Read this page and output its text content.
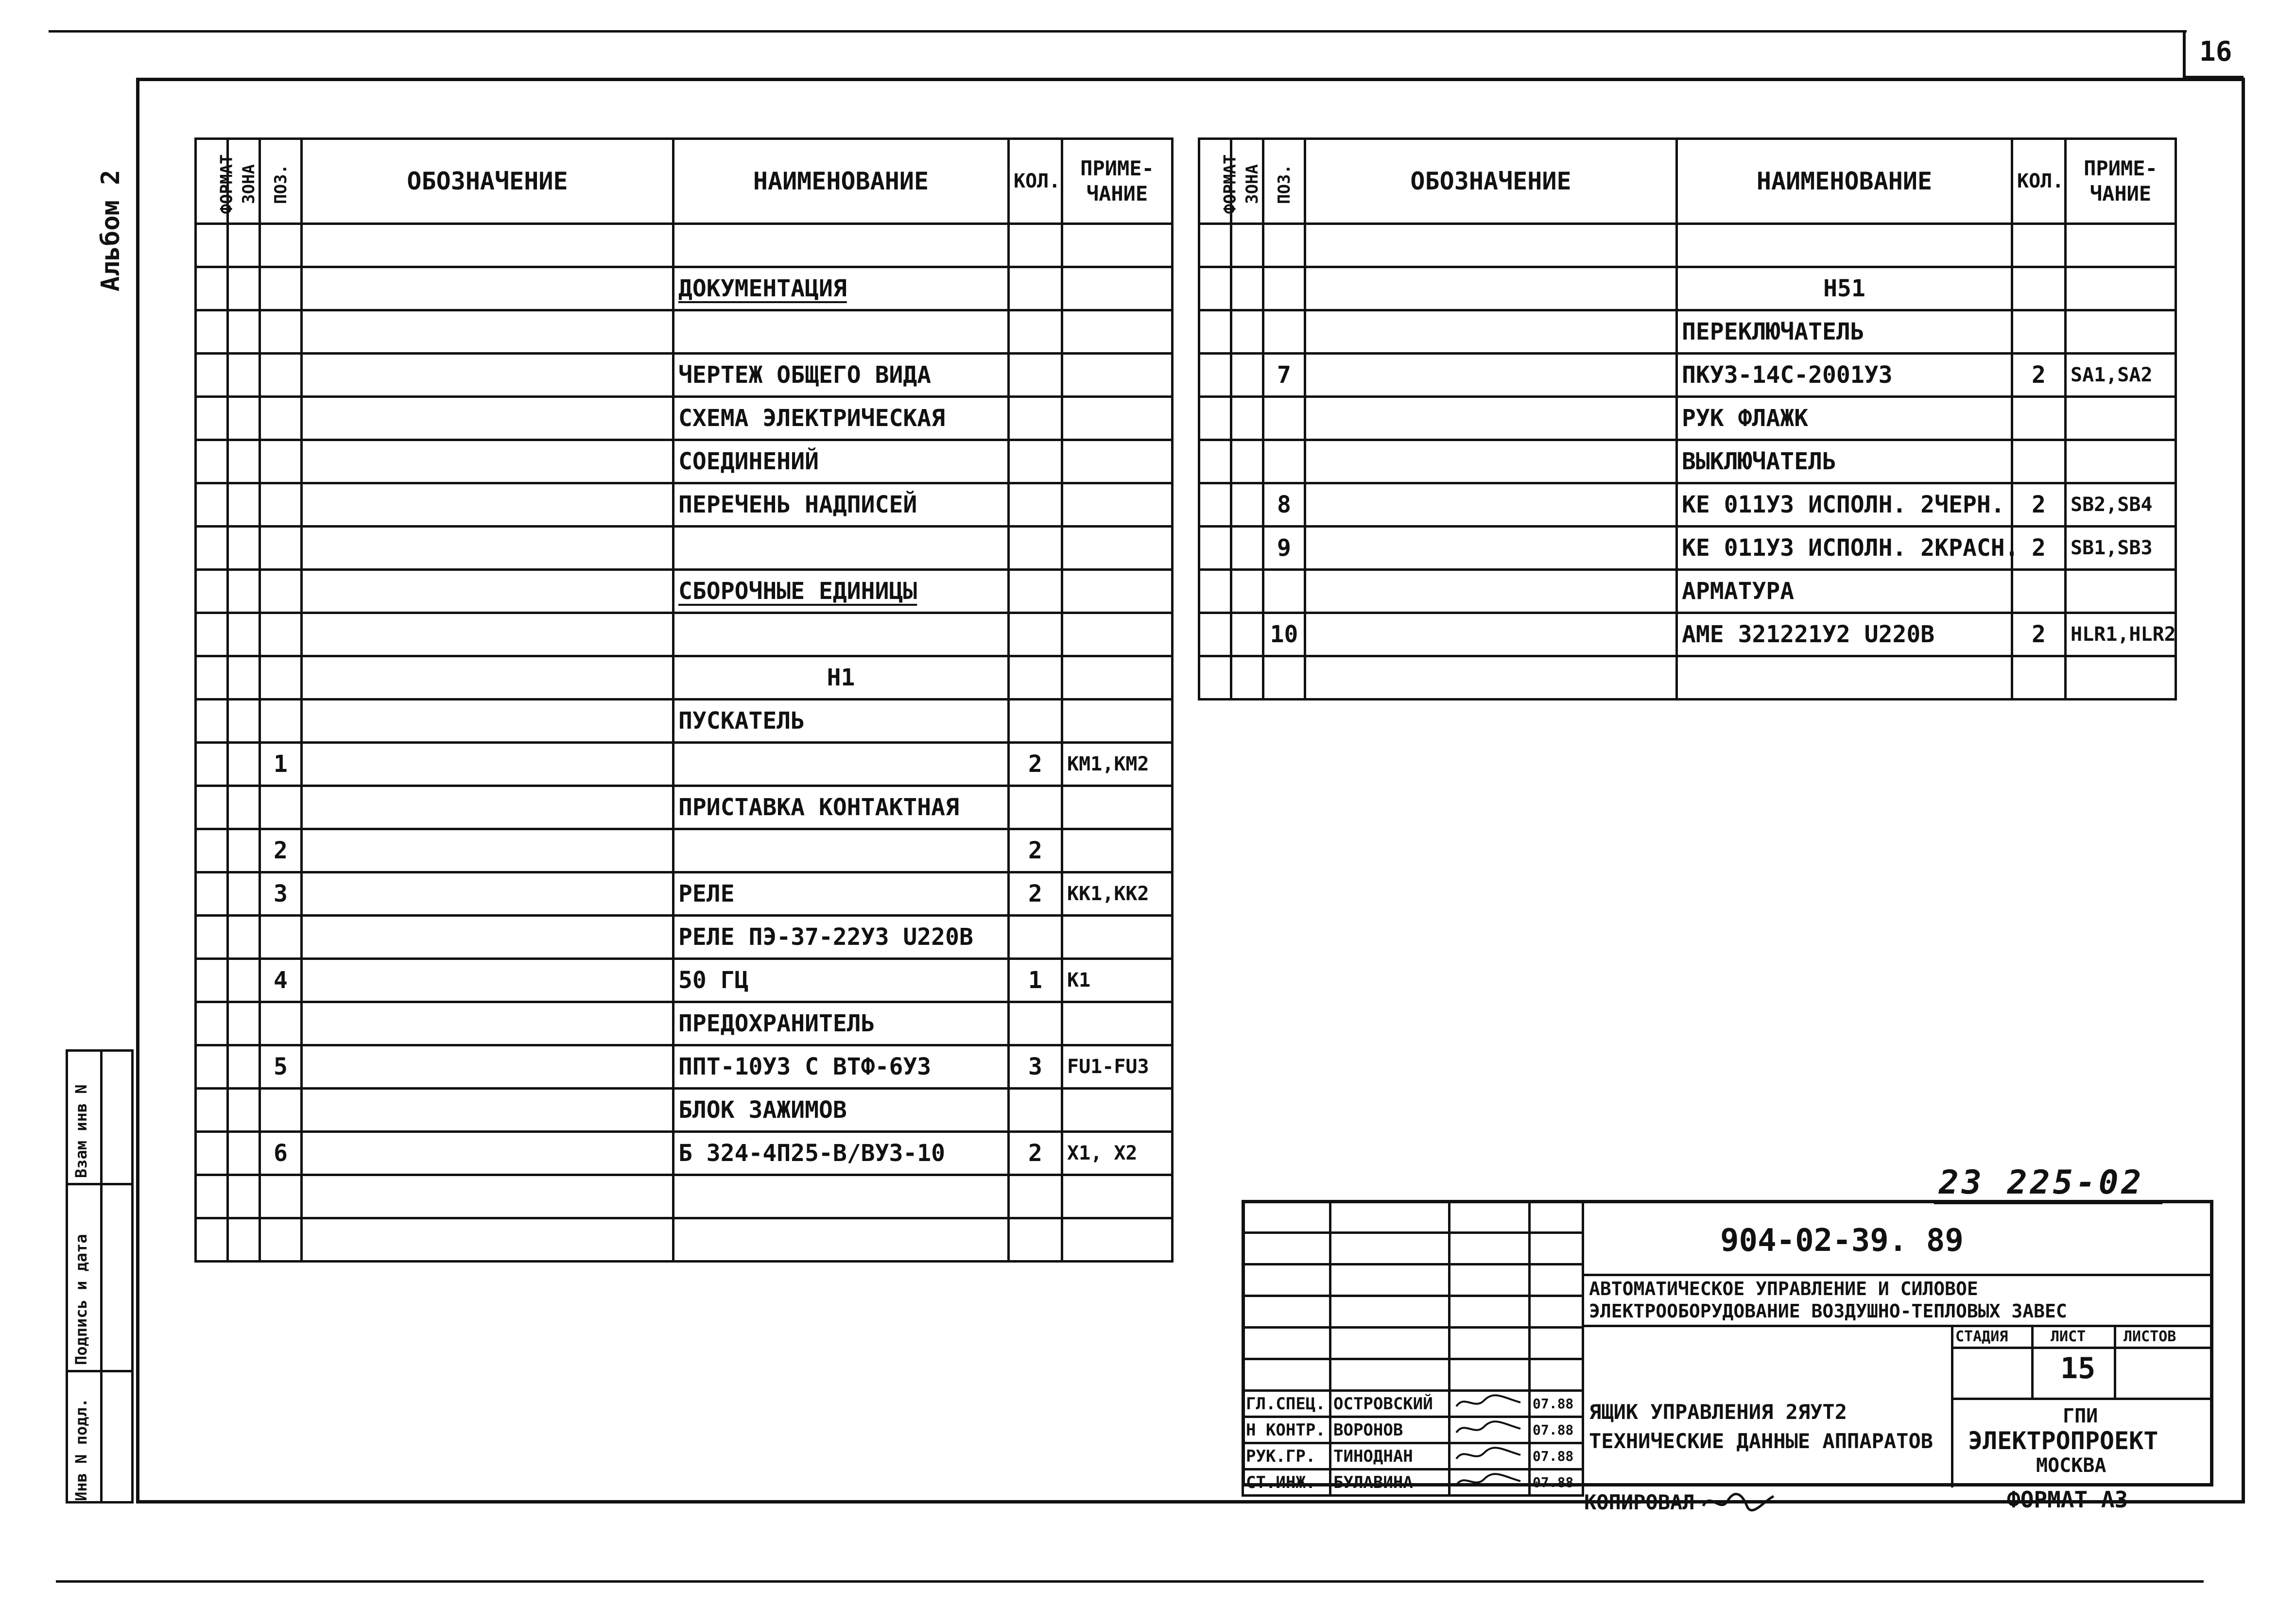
16
Альбом 2
Инв N подл.
Подпись и дата
Взам инв N
ФОРМАТ	ЗОНА	ПОЗ.	ОБОЗНАЧЕНИЕ	НАИМЕНОВАНИЕ	КОЛ.	ПРИМЕ-ЧАНИЕ

				ДОКУМЕНТАЦИЯ		

				ЧЕРТЕЖ ОБЩЕГО ВИДА		
				СХЕМА ЭЛЕКТРИЧЕСКАЯ		
				СОЕДИНЕНИЙ		
				ПЕРЕЧЕНЬ НАДПИСЕЙ		

				СБОРОЧНЫЕ ЕДИНИЦЫ		

				Н1		
				ПУСКАТЕЛЬ		
		1			2	КМ1,КМ2
				ПРИСТАВКА КОНТАКТНАЯ		
		2			2	
		3		РЕЛЕ	2	КК1,КК2
				РЕЛЕ ПЭ-37-22У3 U220В		
		4		50 ГЦ	1	К1
				ПРЕДОХРАНИТЕЛЬ		
		5		ППТ-10У3 С ВТФ-6У3	3	FU1-FU3
				БЛОК ЗАЖИМОВ		
		6		Б 324-4П25-В/ВУ3-10	2	Х1, Х2

ФОРМАТ	ЗОНА	ПОЗ.	ОБОЗНАЧЕНИЕ	НАИМЕНОВАНИЕ	КОЛ.	ПРИМЕ-ЧАНИЕ

				Н51		
				ПЕРЕКЛЮЧАТЕЛЬ		
		7		ПКУ3-14С-2001У3	2	SA1,SA2
				РУК ФЛАЖК		
				ВЫКЛЮЧАТЕЛЬ		
		8		КЕ 011У3 ИСПОЛН. 2ЧЕРН.	2	SB2,SB4
		9		КЕ 011У3 ИСПОЛН. 2КРАСН.	2	SB1,SB3
				АРМАТУРА		
		10		АМЕ 321221У2 U220В	2	HLR1,HLR2

23 225-02

ГЛ.СПЕЦ.	ОСТРОВСКИЙ		07.88
Н КОНТР.	ВОРОНОВ		07.88
РУК.ГР.	ТИНОДНАН		07.88
СТ.ИНЖ.	БУЛАВИНА		07.88
904-02-39. 89
АВТОМАТИЧЕСКОЕ УПРАВЛЕНИЕ И СИЛОВОЕ
ЭЛЕКТРООБОРУДОВАНИЕ ВОЗДУШНО-ТЕПЛОВЫХ ЗАВЕС
ЯЩИК УПРАВЛЕНИЯ 2ЯУТ2
ТЕХНИЧЕСКИЕ ДАННЫЕ АППАРАТОВ
СТАДИЯ	ЛИСТ	ЛИСТОВ
15
ГПИ
ЭЛЕКТРОПРОЕКТ
МОСКВА
КОПИРОВАЛ	ФОРМАТ А3
